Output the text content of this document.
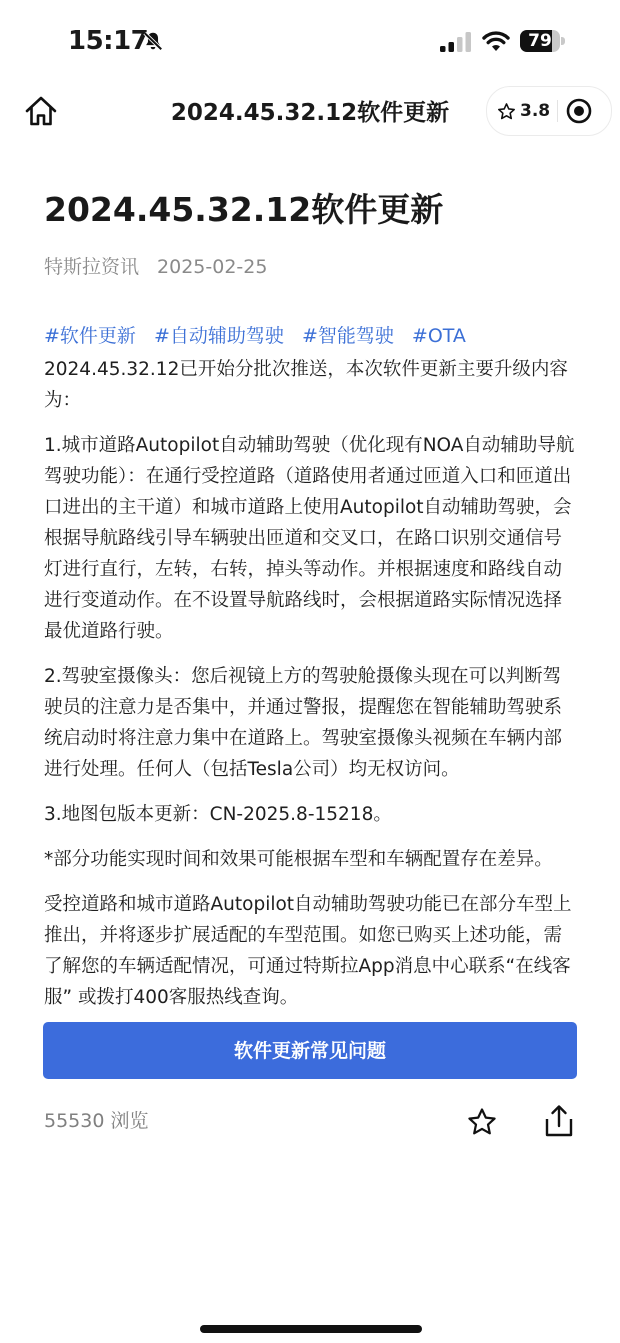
15:17	79
2024.45.32.12软件更新	3.8
2024.45.32.12软件更新
特斯拉资讯 2025-02-25
#软件更新 #自动辅助驾驶 #智能驾驶 #OTA

2024.45.32.12已开始分批次推送，本次软件更新主要升级内容为：

1.城市道路Autopilot自动辅助驾驶（优化现有NOA自动辅助导航驾驶功能）：在通行受控道路（道路使用者通过匝道入口和匝道出口进出的主干道）和城市道路上使用Autopilot自动辅助驾驶，会根据导航路线引导车辆驶出匝道和交叉口，在路口识别交通信号灯进行直行，左转，右转，掉头等动作。并根据速度和路线自动进行变道动作。在不设置导航路线时，会根据道路实际情况选择最优道路行驶。

2.驾驶室摄像头：您后视镜上方的驾驶舱摄像头现在可以判断驾驶员的注意力是否集中，并通过警报，提醒您在智能辅助驾驶系统启动时将注意力集中在道路上。驾驶室摄像头视频在车辆内部进行处理。任何人（包括Tesla公司）均无权访问。

3.地图包版本更新：CN-2025.8-15218。

*部分功能实现时间和效果可能根据车型和车辆配置存在差异。

受控道路和城市道路Autopilot自动辅助驾驶功能已在部分车型上推出，并将逐步扩展适配的车型范围。如您已购买上述功能，需了解您的车辆适配情况，可通过特斯拉App消息中心联系“在线客服” 或拨打400客服热线查询。

软件更新常见问题
55530 浏览
